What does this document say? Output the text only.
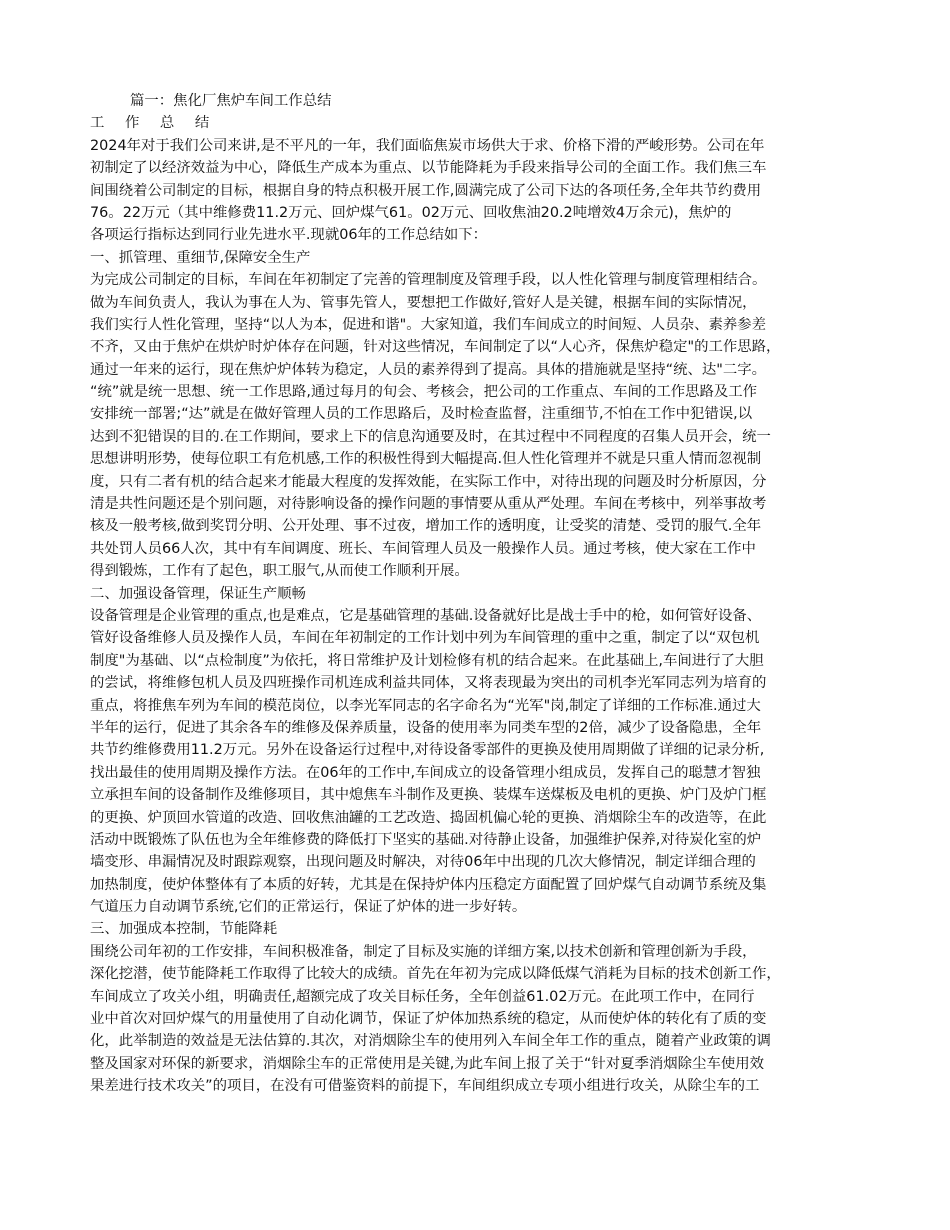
篇一：焦化厂焦炉车间工作总结
工 作 总 结
2024年对于我们公司来讲,是不平凡的一年，我们面临焦炭市场供大于求、价格下滑的严峻形势。公司在年
初制定了以经济效益为中心，降低生产成本为重点、以节能降耗为手段来指导公司的全面工作。我们焦三车
间围绕着公司制定的目标，根据自身的特点积极开展工作,圆满完成了公司下达的各项任务,全年共节约费用
76。22万元（其中维修费11.2万元、回炉煤气61。02万元、回收焦油20.2吨增效4万余元)，焦炉的
各项运行指标达到同行业先进水平.现就06年的工作总结如下：
一、抓管理、重细节,保障安全生产
为完成公司制定的目标，车间在年初制定了完善的管理制度及管理手段，以人性化管理与制度管理相结合。
做为车间负责人，我认为事在人为、管事先管人，要想把工作做好,管好人是关键，根据车间的实际情况，
我们实行人性化管理，坚持“以人为本，促进和谐"。大家知道，我们车间成立的时间短、人员杂、素养参差
不齐，又由于焦炉在烘炉时炉体存在问题，针对这些情况，车间制定了以“人心齐，保焦炉稳定"的工作思路，
通过一年来的运行，现在焦炉炉体转为稳定，人员的素养得到了提高。具体的措施就是坚持“统、达"二字。
“统”就是统一思想、统一工作思路,通过每月的旬会、考核会，把公司的工作重点、车间的工作思路及工作
安排统一部署;“达”就是在做好管理人员的工作思路后，及时检查监督，注重细节,不怕在工作中犯错误,以
达到不犯错误的目的.在工作期间，要求上下的信息沟通要及时，在其过程中不同程度的召集人员开会，统一
思想讲明形势，使每位职工有危机感,工作的积极性得到大幅提高.但人性化管理并不就是只重人情而忽视制
度，只有二者有机的结合起来才能最大程度的发挥效能，在实际工作中，对待出现的问题及时分析原因，分
清是共性问题还是个别问题，对待影响设备的操作问题的事情要从重从严处理。车间在考核中，列举事故考
核及一般考核,做到奖罚分明、公开处理、事不过夜，增加工作的透明度，让受奖的清楚、受罚的服气.全年
共处罚人员66人次，其中有车间调度、班长、车间管理人员及一般操作人员。通过考核，使大家在工作中
得到锻炼，工作有了起色，职工服气,从而使工作顺利开展。
二、加强设备管理，保证生产顺畅
设备管理是企业管理的重点,也是难点，它是基础管理的基础.设备就好比是战士手中的枪，如何管好设备、
管好设备维修人员及操作人员，车间在年初制定的工作计划中列为车间管理的重中之重，制定了以“双包机
制度"为基础、以“点检制度”为依托，将日常维护及计划检修有机的结合起来。在此基础上,车间进行了大胆
的尝试，将维修包机人员及四班操作司机连成利益共同体，又将表现最为突出的司机李光军同志列为培育的
重点，将推焦车列为车间的模范岗位，以李光军同志的名字命名为“光军"岗,制定了详细的工作标准.通过大
半年的运行，促进了其余各车的维修及保养质量，设备的使用率为同类车型的2倍，减少了设备隐患，全年
共节约维修费用11.2万元。另外在设备运行过程中,对待设备零部件的更换及使用周期做了详细的记录分析,
找出最佳的使用周期及操作方法。在06年的工作中,车间成立的设备管理小组成员，发挥自己的聪慧才智独
立承担车间的设备制作及维修项目，其中熄焦车斗制作及更换、装煤车送煤板及电机的更换、炉门及炉门框
的更换、炉顶回水管道的改造、回收焦油罐的工艺改造、捣固机偏心轮的更换、消烟除尘车的改造等，在此
活动中既锻炼了队伍也为全年维修费的降低打下坚实的基础.对待静止设备，加强维护保养,对待炭化室的炉
墙变形、串漏情况及时跟踪观察，出现问题及时解决，对待06年中出现的几次大修情况，制定详细合理的
加热制度，使炉体整体有了本质的好转，尤其是在保持炉体内压稳定方面配置了回炉煤气自动调节系统及集
气道压力自动调节系统,它们的正常运行，保证了炉体的进一步好转。
三、加强成本控制，节能降耗
围绕公司年初的工作安排，车间积极准备，制定了目标及实施的详细方案,以技术创新和管理创新为手段，
深化挖潜，使节能降耗工作取得了比较大的成绩。首先在年初为完成以降低煤气消耗为目标的技术创新工作，
车间成立了攻关小组，明确责任,超额完成了攻关目标任务，全年创益61.02万元。在此项工作中，在同行
业中首次对回炉煤气的用量使用了自动化调节，保证了炉体加热系统的稳定，从而使炉体的转化有了质的变
化，此举制造的效益是无法估算的.其次，对消烟除尘车的使用列入车间全年工作的重点，随着产业政策的调
整及国家对环保的新要求，消烟除尘车的正常使用是关键,为此车间上报了关于“针对夏季消烟除尘车使用效
果差进行技术攻关”的项目，在没有可借鉴资料的前提下，车间组织成立专项小组进行攻关，从除尘车的工
